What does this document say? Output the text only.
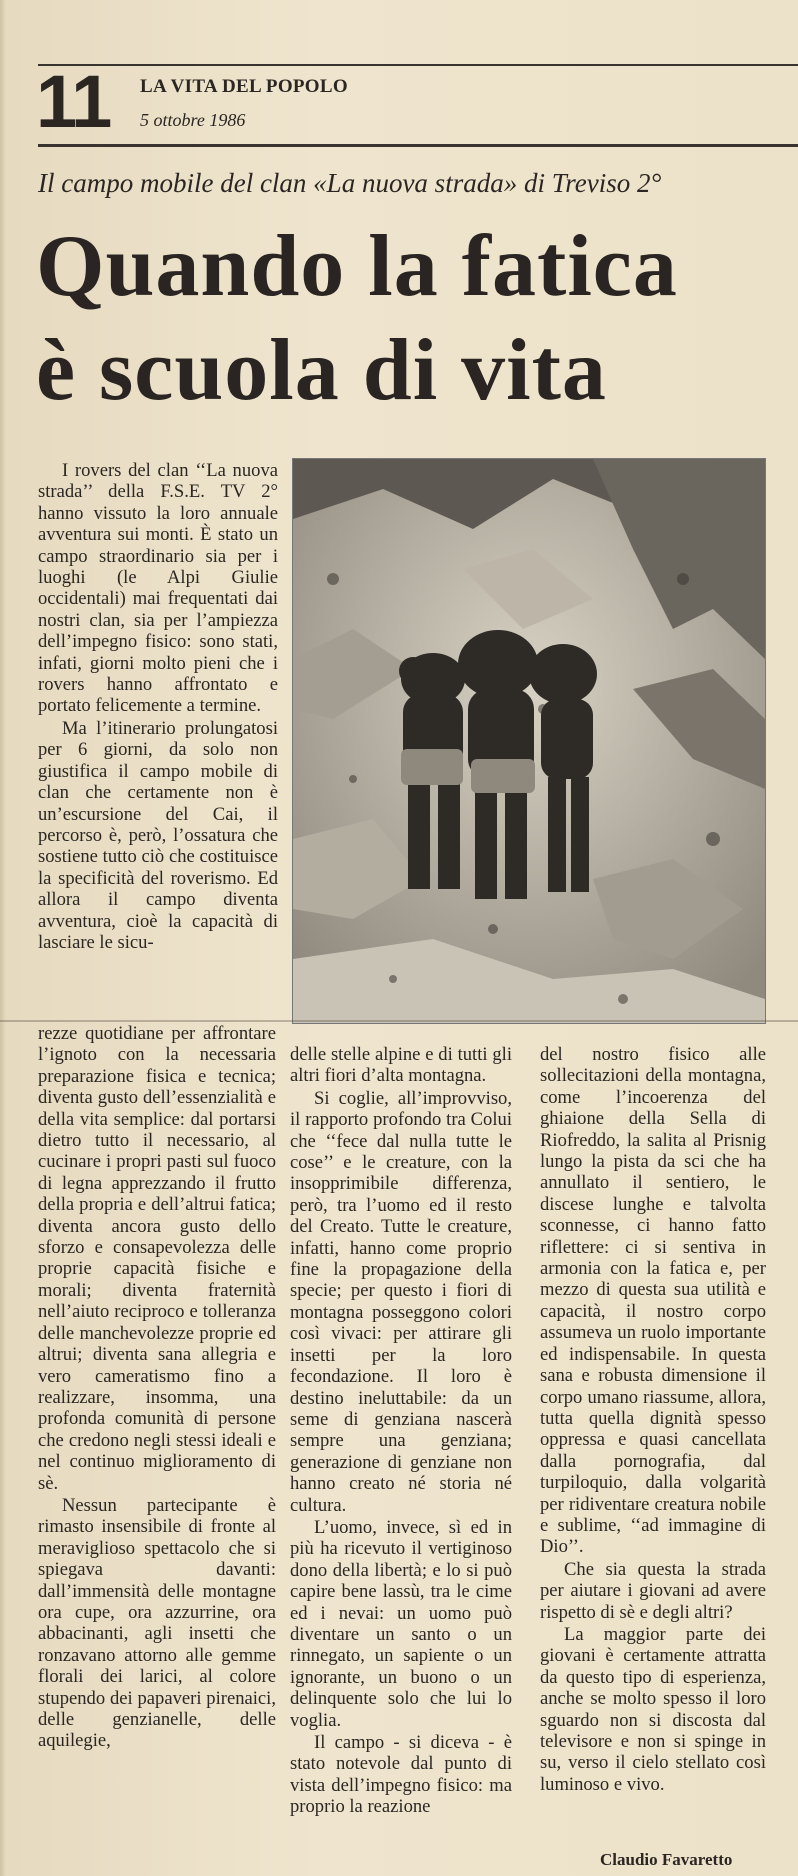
11 LA VITA DEL POPOLO
5 ottobre 1986
Il campo mobile del clan «La nuova strada» di Treviso 2°
Quando la fatica
è scuola di vita

I rovers del clan ‘‘La nuova strada’’ della F.S.E. TV 2° hanno vissuto la loro annuale avventura sui monti. È stato un campo straordinario sia per i luoghi (le Alpi Giulie occidentali) mai frequentati dai nostri clan, sia per l’ampiezza dell’impegno fisico: sono stati, infati, giorni molto pieni che i rovers hanno affrontato e portato felicemente a termine.

Ma l’itinerario prolungatosi per 6 giorni, da solo non giustifica il campo mobile di clan che certamente non è un’escursione del Cai, il percorso è, però, l’ossatura che sostiene tutto ciò che costituisce la specificità del roverismo. Ed allora il campo diventa avventura, cioè la capacità di lasciare le sicu-

rezze quotidiane per affrontare l’ignoto con la necessaria preparazione fisica e tecnica; diventa gusto dell’essenzialità e della vita semplice: dal portarsi dietro tutto il necessario, al cucinare i propri pasti sul fuoco di legna apprezzando il frutto della propria e dell’altrui fatica; diventa ancora gusto dello sforzo e consapevolezza delle proprie capacità fisiche e morali; diventa fraternità nell’aiuto reciproco e tolleranza delle manchevolezze proprie ed altrui; diventa sana allegria e vero cameratismo fino a realizzare, insomma, una profonda comunità di persone che credono negli stessi ideali e nel continuo miglioramento di sè.

Nessun partecipante è rimasto insensibile di fronte al meraviglioso spettacolo che si spiegava davanti: dall’immensità delle montagne ora cupe, ora azzurrine, ora abbacinanti, agli insetti che ronzavano attorno alle gemme florali dei larici, al colore stupendo dei papaveri pirenaici, delle genzianelle, delle aquilegie,

delle stelle alpine e di tutti gli altri fiori d’alta montagna.

Si coglie, all’improvviso, il rapporto profondo tra Colui che ‘‘fece dal nulla tutte le cose’’ e le creature, con la insopprimibile differenza, però, tra l’uomo ed il resto del Creato. Tutte le creature, infatti, hanno come proprio fine la propagazione della specie; per questo i fiori di montagna posseggono colori così vivaci: per attirare gli insetti per la loro fecondazione. Il loro è destino ineluttabile: da un seme di genziana nascerà sempre una genziana; generazione di genziane non hanno creato né storia né cultura.

L’uomo, invece, sì ed in più ha ricevuto il vertiginoso dono della libertà; e lo si può capire bene lassù, tra le cime ed i nevai: un uomo può diventare un santo o un rinnegato, un sapiente o un ignorante, un buono o un delinquente solo che lui lo voglia.

Il campo - si diceva - è stato notevole dal punto di vista dell’impegno fisico: ma proprio la reazione

del nostro fisico alle sollecitazioni della montagna, come l’incoerenza del ghiaione della Sella di Riofreddo, la salita al Prisnig lungo la pista da sci che ha annullato il sentiero, le discese lunghe e talvolta sconnesse, ci hanno fatto riflettere: ci si sentiva in armonia con la fatica e, per mezzo di questa sua utilità e capacità, il nostro corpo assumeva un ruolo importante ed indispensabile. In questa sana e robusta dimensione il corpo umano riassume, allora, tutta quella dignità spesso oppressa e quasi cancellata dalla pornografia, dal turpiloquio, dalla volgarità per ridiventare creatura nobile e sublime, ‘‘ad immagine di Dio’’.

Che sia questa la strada per aiutare i giovani ad avere rispetto di sè e degli altri?

La maggior parte dei giovani è certamente attratta da questo tipo di esperienza, anche se molto spesso il loro sguardo non si discosta dal televisore e non si spinge in su, verso il cielo stellato così luminoso e vivo.

Claudio Favaretto
